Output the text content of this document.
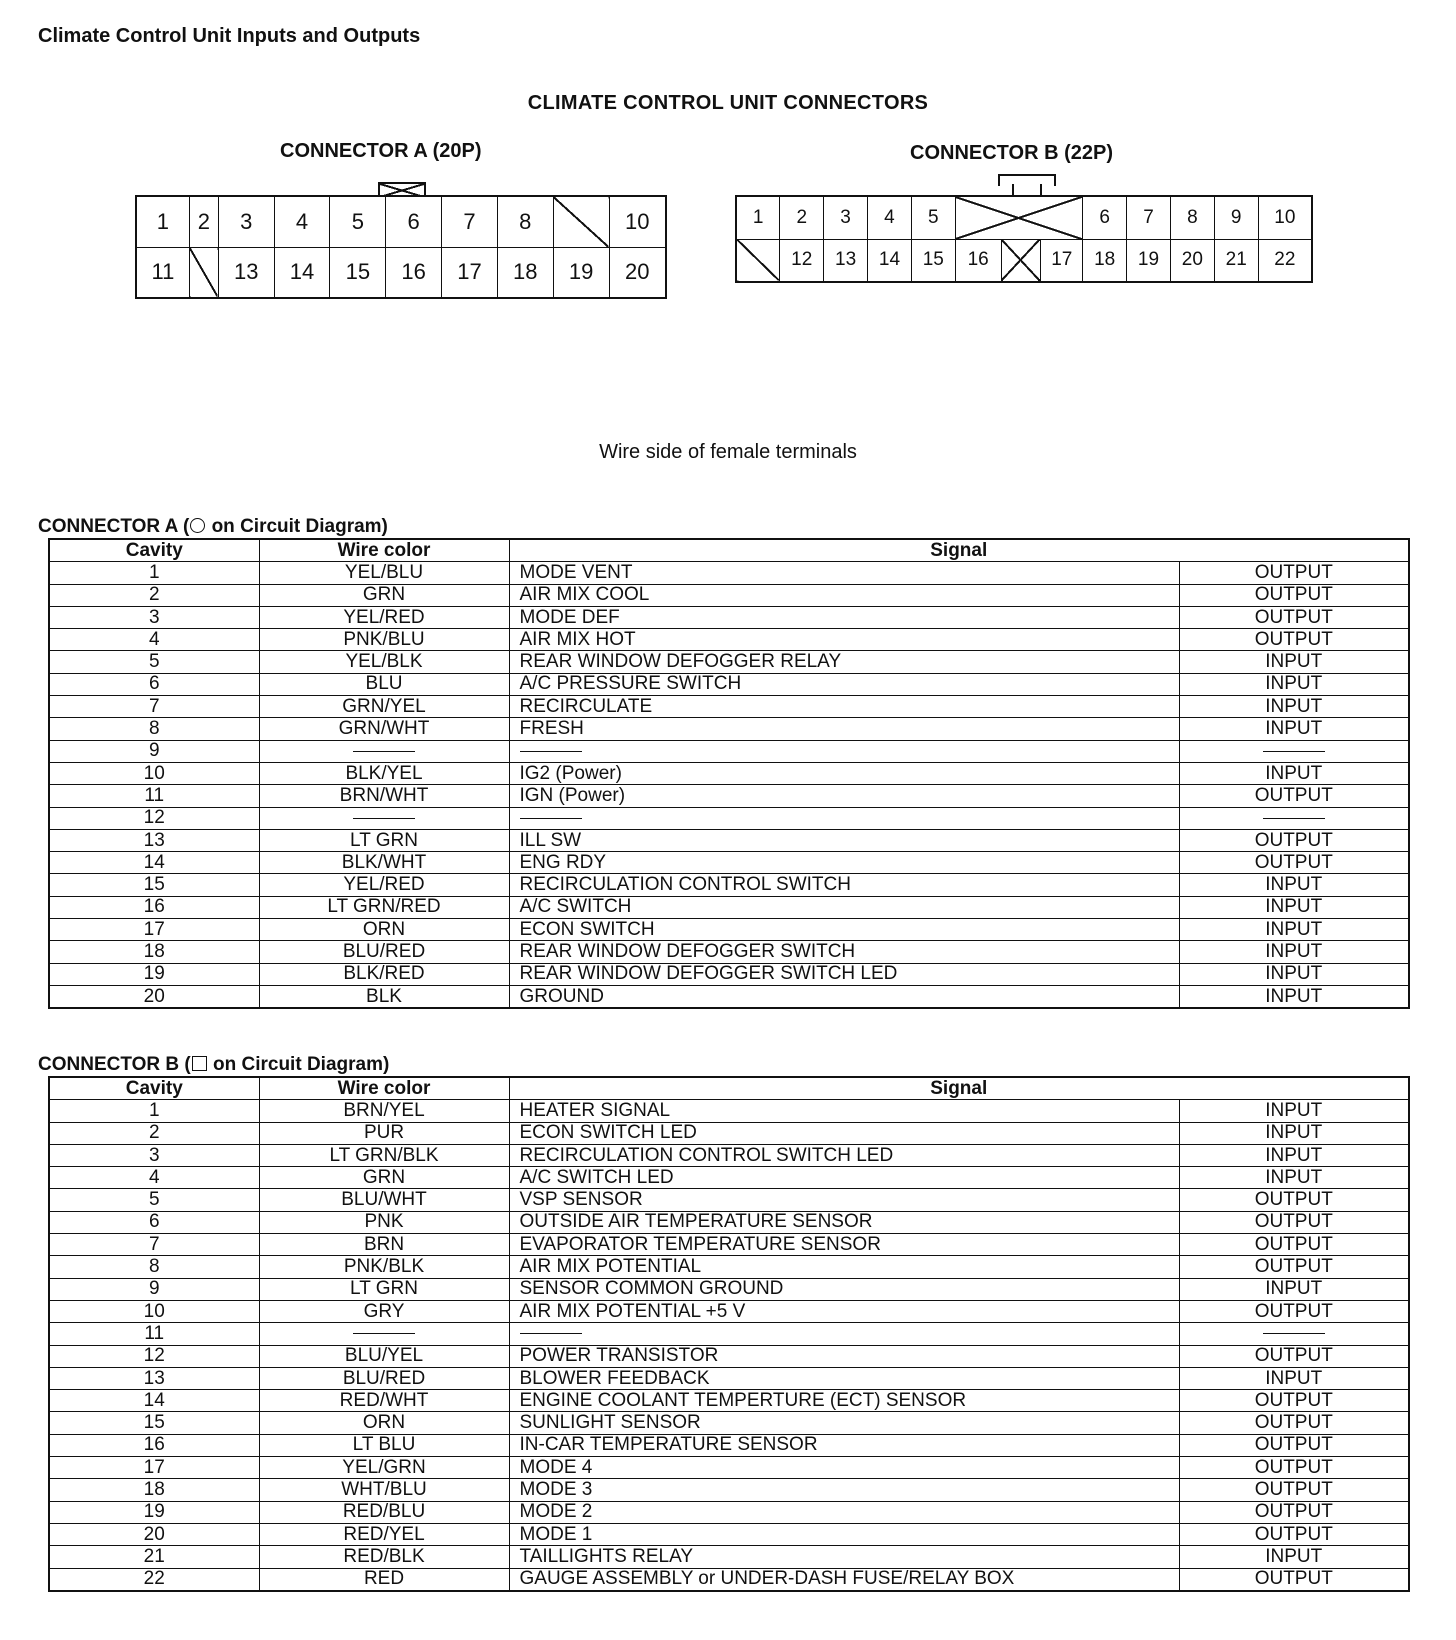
Climate Control Unit Inputs and Outputs
CLIMATE CONTROL UNIT CONNECTORS
CONNECTOR A (20P)	CONNECTOR B (22P)
1	2	3	4	5	6	7	8		10
11		13	14	15	16	17	18	19	20
1	2	3	4	5				6	7	8	9	10
	12	13	14	15	16		17	18	19	20	21	22
Wire side of female terminals
CONNECTOR A ( on Circuit Diagram)
Cavity	Wire color	Signal	
1	YEL/BLU	MODE VENT	OUTPUT
2	GRN	AIR MIX COOL	OUTPUT
3	YEL/RED	MODE DEF	OUTPUT
4	PNK/BLU	AIR MIX HOT	OUTPUT
5	YEL/BLK	REAR WINDOW DEFOGGER RELAY	INPUT
6	BLU	A/C PRESSURE SWITCH	INPUT
7	GRN/YEL	RECIRCULATE	INPUT
8	GRN/WHT	FRESH	INPUT
9			
10	BLK/YEL	IG2 (Power)	INPUT
11	BRN/WHT	IGN (Power)	OUTPUT
12			
13	LT GRN	ILL SW	OUTPUT
14	BLK/WHT	ENG RDY	OUTPUT
15	YEL/RED	RECIRCULATION CONTROL SWITCH	INPUT
16	LT GRN/RED	A/C SWITCH	INPUT
17	ORN	ECON SWITCH	INPUT
18	BLU/RED	REAR WINDOW DEFOGGER SWITCH	INPUT
19	BLK/RED	REAR WINDOW DEFOGGER SWITCH LED	INPUT
20	BLK	GROUND	INPUT
CONNECTOR B ( on Circuit Diagram)
Cavity	Wire color	Signal	
1	BRN/YEL	HEATER SIGNAL	INPUT
2	PUR	ECON SWITCH LED	INPUT
3	LT GRN/BLK	RECIRCULATION CONTROL SWITCH LED	INPUT
4	GRN	A/C SWITCH LED	INPUT
5	BLU/WHT	VSP SENSOR	OUTPUT
6	PNK	OUTSIDE AIR TEMPERATURE SENSOR	OUTPUT
7	BRN	EVAPORATOR TEMPERATURE SENSOR	OUTPUT
8	PNK/BLK	AIR MIX POTENTIAL	OUTPUT
9	LT GRN	SENSOR COMMON GROUND	INPUT
10	GRY	AIR MIX POTENTIAL +5 V	OUTPUT
11			
12	BLU/YEL	POWER TRANSISTOR	OUTPUT
13	BLU/RED	BLOWER FEEDBACK	INPUT
14	RED/WHT	ENGINE COOLANT TEMPERTURE (ECT) SENSOR	OUTPUT
15	ORN	SUNLIGHT SENSOR	OUTPUT
16	LT BLU	IN-CAR TEMPERATURE SENSOR	OUTPUT
17	YEL/GRN	MODE 4	OUTPUT
18	WHT/BLU	MODE 3	OUTPUT
19	RED/BLU	MODE 2	OUTPUT
20	RED/YEL	MODE 1	OUTPUT
21	RED/BLK	TAILLIGHTS RELAY	INPUT
22	RED	GAUGE ASSEMBLY or UNDER-DASH FUSE/RELAY BOX	OUTPUT
